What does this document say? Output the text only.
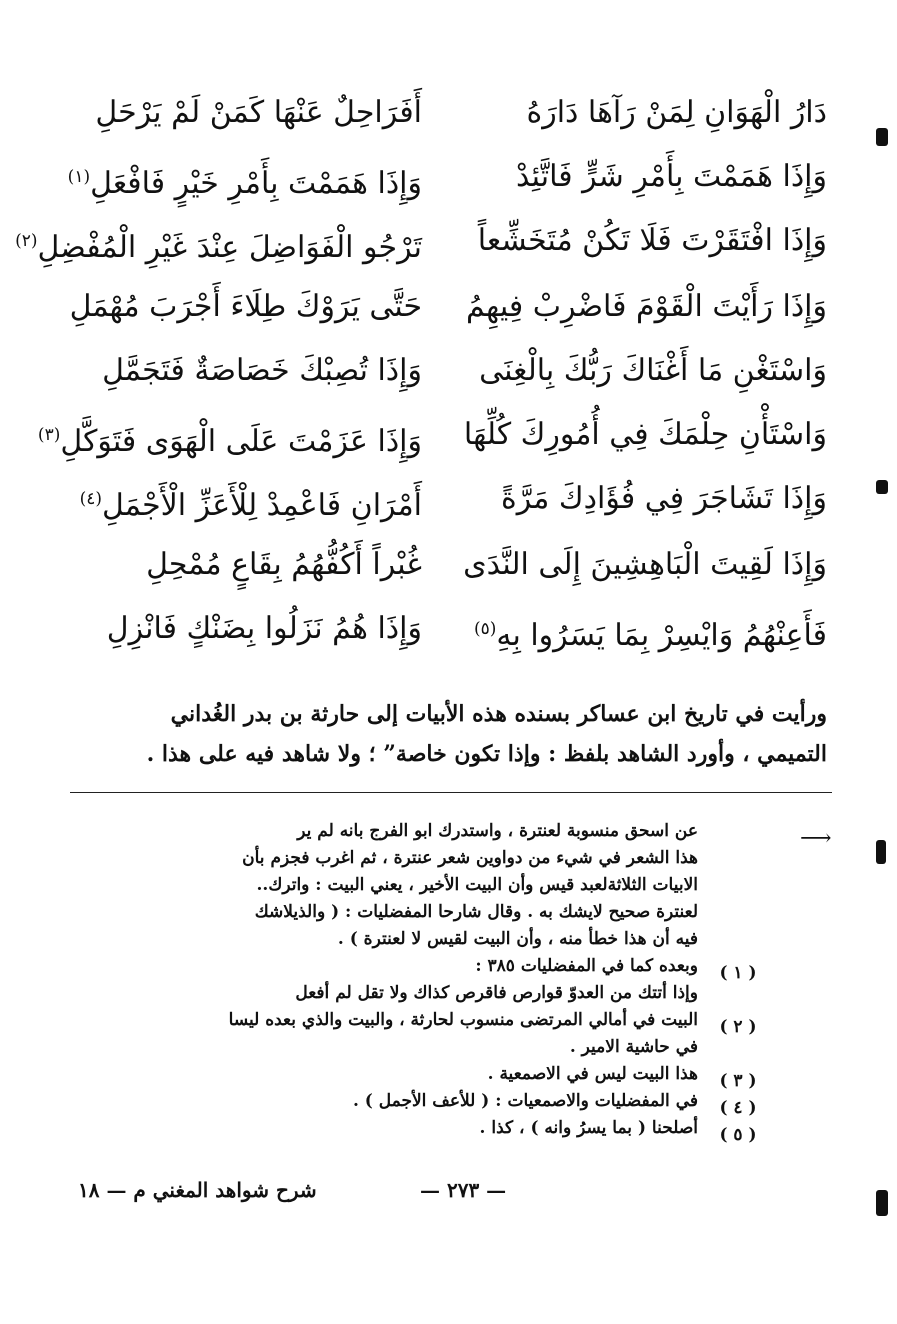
دَارُ الْهَوَانِ لِمَنْ رَآهَا دَارَهُ
أَفَرَاحِلٌ عَنْهَا كَمَنْ لَمْ يَرْحَلِ
وَإِذَا هَمَمْتَ بِأَمْرِ شَرٍّ فَاتَّئِدْ
وَإِذَا هَمَمْتَ بِأَمْرِ خَيْرٍ فَافْعَلِ$^{(١)}$
وَإِذَا افْتَقَرْتَ فَلَا تَكُنْ مُتَخَشِّعاً
تَرْجُو الْفَوَاضِلَ عِنْدَ غَيْرِ الْمُفْضِلِ$^{(٢)}$
وَإِذَا رَأَيْتَ الْقَوْمَ فَاضْرِبْ فِيهِمُ
حَتَّى يَرَوْكَ طِلَاءَ أَجْرَبَ مُهْمَلِ
وَاسْتَغْنِ مَا أَغْنَاكَ رَبُّكَ بِالْغِنَى
وَإِذَا تُصِبْكَ خَصَاصَةٌ فَتَجَمَّلِ
وَاسْتَأْنِ حِلْمَكَ فِي أُمُورِكَ كُلِّهَا
وَإِذَا عَزَمْتَ عَلَى الْهَوَى فَتَوَكَّلِ$^{(٣)}$
وَإِذَا تَشَاجَرَ فِي فُؤَادِكَ مَرَّةً
أَمْرَانِ فَاعْمِدْ لِلْأَعَزِّ الْأَجْمَلِ$^{(٤)}$
وَإِذَا لَقِيتَ الْبَاهِشِينَ إِلَى النَّدَى
غُبْراً أَكُفُّهُمُ بِقَاعٍ مُمْحِلِ
فَأَعِنْهُمُ وَايْسِرْ بِمَا يَسَرُوا بِهِ$^{(٥)}$
وَإِذَا هُمُ نَزَلُوا بِضَنْكٍ فَانْزِلِ
ورأيت في تاريخ ابن عساكر بسنده هذه الأبيات إلى حارثة بن بدر الغُداني
التميمي ، وأورد الشاهد بلفظ : وإذا تكون خاصة” ؛ ولا شاهد فيه على هذا .
⟶
عن اسحق منسوبة لعنترة ، واستدرك ابو الفرج بانه لم ير
هذا الشعر في شيء من دواوين شعر عنترة ، ثم اغرب فجزم بأن
الابيات الثلاثةلعبد قيس وأن البيت الأخير ، يعني البيت : واترك..
لعنترة صحيح لايشك به . وقال شارحا المفضليات : ( والذيلاشك
فيه أن هذا خطأ منه ، وأن البيت لقيس لا لعنترة ) .
وبعده كما في المفضليات ٣٨٥ :
وإذا أتتك من العدوّ قوارص فاقرص كذاك ولا تقل لم أفعل
البيت في أمالي المرتضى منسوب لحارثة ، والبيت والذي بعده ليسا
في حاشية الامير .
هذا البيت ليس في الاصمعية .
في المفضليات والاصمعيات : ( للأعف الأجمل ) .
أصلحنا ( بما يسرُ وانه ) ، كذا .
( ١ )
( ٢ )
( ٣ )
( ٤ )
( ٥ )
— ٢٧٣ —
شرح شواهد المغني م — ١٨
